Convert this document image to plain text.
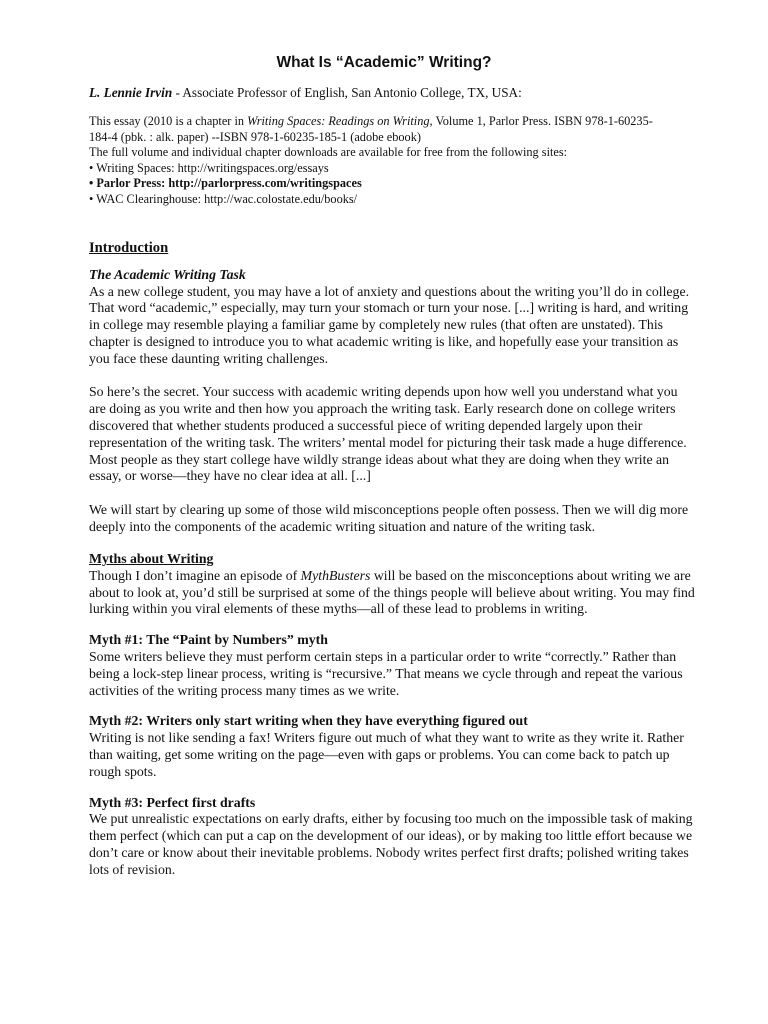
What Is “Academic” Writing?
L. Lennie Irvin - Associate Professor of English, San Antonio College, TX, USA:
This essay (2010 is a chapter in Writing Spaces: Readings on Writing, Volume 1, Parlor Press. ISBN 978-1-60235-
184-4 (pbk. : alk. paper) --ISBN 978-1-60235-185-1 (adobe ebook)
The full volume and individual chapter downloads are available for free from the following sites:
• Writing Spaces: http://writingspaces.org/essays
• Parlor Press: http://parlorpress.com/writingspaces
• WAC Clearinghouse: http://wac.colostate.edu/books/

Introduction

The Academic Writing Task

As a new college student, you may have a lot of anxiety and questions about the writing you’ll do in college. That word “academic,” especially, may turn your stomach or turn your nose. [...] writing is hard, and writing in college may resemble playing a familiar game by completely new rules (that often are unstated). This chapter is designed to introduce you to what academic writing is like, and hopefully ease your transition as you face these daunting writing challenges.

So here’s the secret. Your success with academic writing depends upon how well you understand what you are doing as you write and then how you approach the writing task. Early research done on college writers discovered that whether students produced a successful piece of writing depended largely upon their representation of the writing task. The writers’ mental model for picturing their task made a huge difference. Most people as they start college have wildly strange ideas about what they are doing when they write an essay, or worse—they have no clear idea at all. [...]

We will start by clearing up some of those wild misconceptions people often possess. Then we will dig more deeply into the components of the academic writing situation and nature of the writing task.

Myths about Writing

Though I don’t imagine an episode of MythBusters will be based on the misconceptions about writing we are about to look at, you’d still be surprised at some of the things people will believe about writing. You may find lurking within you viral elements of these myths—all of these lead to problems in writing.

Myth #1: The “Paint by Numbers” myth

Some writers believe they must perform certain steps in a particular order to write “correctly.” Rather than being a lock-step linear process, writing is “recursive.” That means we cycle through and repeat the various activities of the writing process many times as we write.

Myth #2: Writers only start writing when they have everything figured out

Writing is not like sending a fax! Writers figure out much of what they want to write as they write it. Rather than waiting, get some writing on the page—even with gaps or problems. You can come back to patch up rough spots.

Myth #3: Perfect first drafts

We put unrealistic expectations on early drafts, either by focusing too much on the impossible task of making them perfect (which can put a cap on the development of our ideas), or by making too little effort because we don’t care or know about their inevitable problems. Nobody writes perfect first drafts; polished writing takes lots of revision.
